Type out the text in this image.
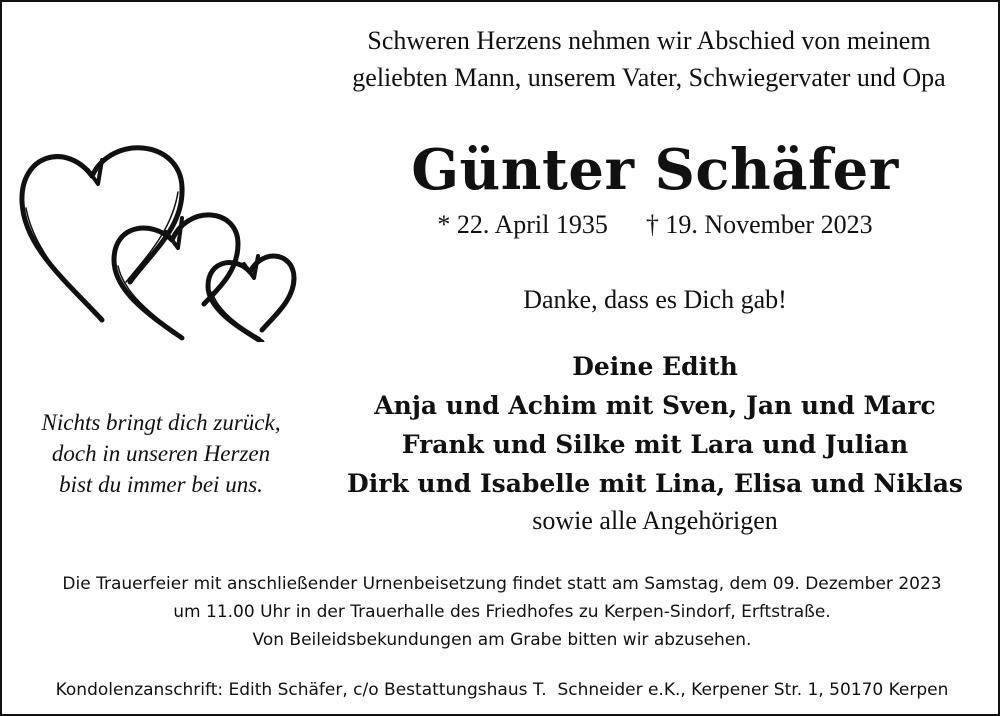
Schweren Herzens nehmen wir Abschied von meinem
geliebten Mann, unserem Vater, Schwiegervater und Opa
Günter Schäfer
* 22. April 1935 † 19. November 2023
Danke, dass es Dich gab!
Deine Edith
Anja und Achim mit Sven, Jan und Marc
Frank und Silke mit Lara und Julian
Dirk und Isabelle mit Lina, Elisa und Niklas
sowie alle Angehörigen
Nichts bringt dich zurück,
doch in unseren Herzen
bist du immer bei uns.
Die Trauerfeier mit anschließender Urnenbeisetzung findet statt am Samstag, dem 09. Dezember 2023
um 11.00 Uhr in der Trauerhalle des Friedhofes zu Kerpen-Sindorf, Erftstraße.
Von Beileidsbekundungen am Grabe bitten wir abzusehen.
Kondolenzanschrift: Edith Schäfer, c/o Bestattungshaus T.  Schneider e.K., Kerpener Str. 1, 50170 Kerpen
